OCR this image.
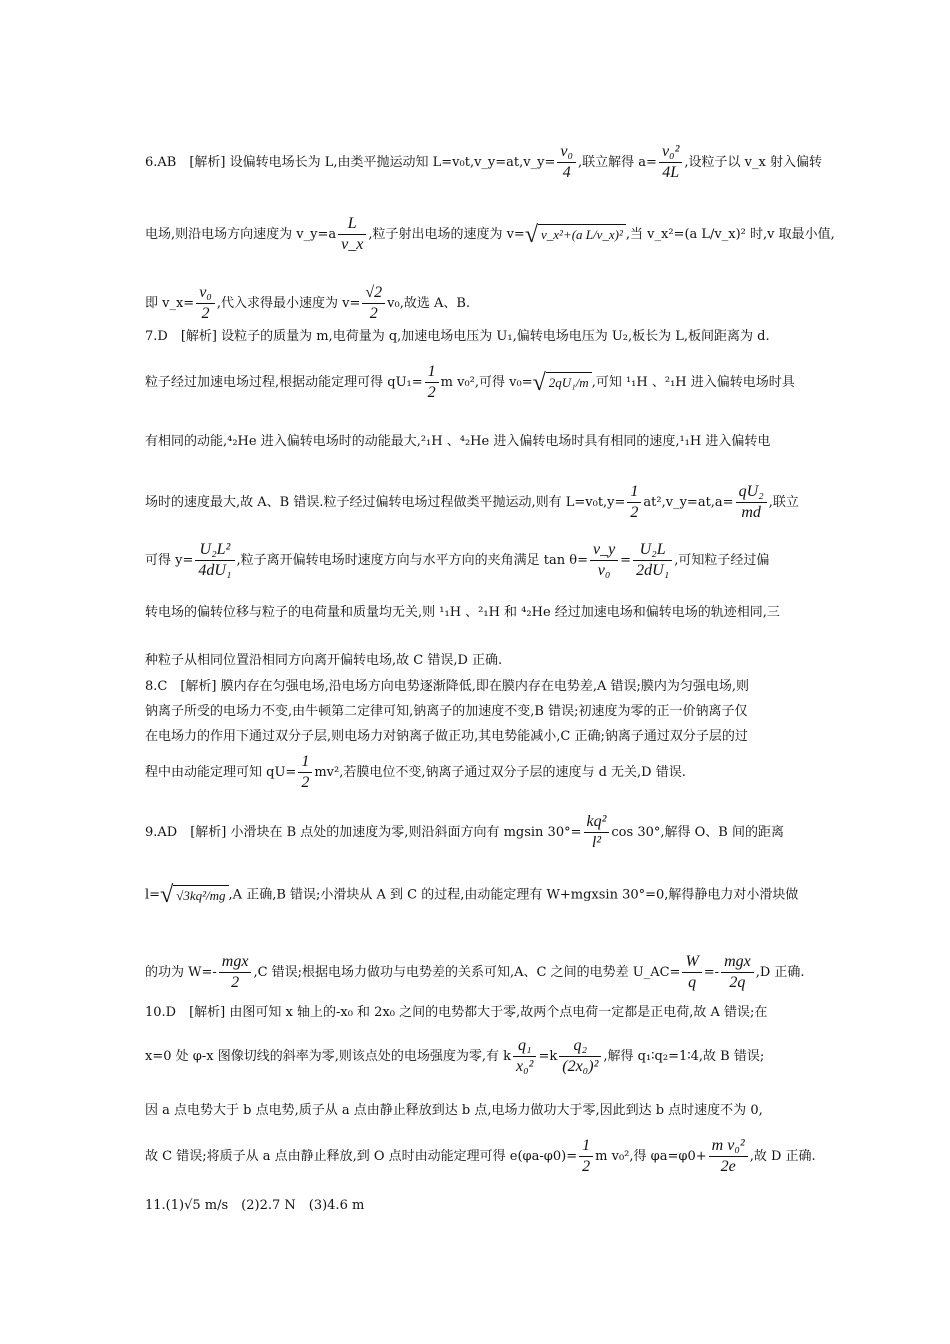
6.AB　[解析] 设偏转电场长为 L,由类平抛运动知 L=v₀t,v_y=at,v_y= $\frac{\text{v₀}}{4}$ ,联立解得 $a= \frac{\text{v₀²}}{4L}$ ,设粒子以 v_x 射入偏转
电场,则沿电场方向速度为 v_y=a $\frac{L}{v\_x}$ ,粒子射出电场的速度为 v=√ v_x²+(a L/v_x)² ,当 v_x²=(a L/v_x)² 时,v 取最小值,
即 v_x= $\frac{\text{v₀}}{2}$ ,代入求得最小速度为 $v= \frac{√2}{2} v_0$,故选 A、B.
7.D　[解析] 设粒子的质量为 m,电荷量为 q,加速电场电压为 U₁,偏转电场电压为 U₂,板长为 L,板间距离为 d.
粒子经过加速电场过程,根据动能定理可得 $qU_1= \frac{1}{2}$ m v₀²,可得 v₀=√ 2qU₁/m ,可知 ¹₁H 、²₁H 进入偏转电场时具
有相同的动能,⁴₂He 进入偏转电场时的动能最大,²₁H 、⁴₂He 进入偏转电场时具有相同的速度,¹₁H 进入偏转电
场时的速度最大,故 A、B 错误.粒子经过偏转电场过程做类平抛运动,则有 $L=v_0t,y= \frac{1}{2}$ at²,v_y=at,a= $\frac{\text{qU₂}}{md}$ ,联立
可得 $y= \frac{\text{U₂L²}}{\text{4dU₁}}$ ,粒子离开偏转电场时速度方向与水平方向的夹角满足 $\tan \theta= \frac{v\_y}{\text{v₀}} = \frac{\text{U₂L}}{\text{2dU₁}}$ ,可知粒子经过偏
转电场的偏转位移与粒子的电荷量和质量均无关,则 ¹₁H 、²₁H 和 ⁴₂He 经过加速电场和偏转电场的轨迹相同,三
种粒子从相同位置沿相同方向离开偏转电场,故 C 错误,D 正确.
8.C　[解析] 膜内存在匀强电场,沿电场方向电势逐渐降低,即在膜内存在电势差,A 错误;膜内为匀强电场,则
钠离子所受的电场力不变,由牛顿第二定律可知,钠离子的加速度不变,B 错误;初速度为零的正一价钠离子仅
在电场力的作用下通过双分子层,则电场力对钠离子做正功,其电势能减小,C 正确;钠离子通过双分子层的过
程中由动能定理可知 $qU= \frac{1}{2} mv^2$,若膜电位不变,钠离子通过双分子层的速度与 d 无关,D 错误.
9.AD　[解析] 小滑块在 B 点处的加速度为零,则沿斜面方向有 mgsin $30^\circ= \frac{\text{kq²}}{\text{l²}}$ cos 30°,解得 O、B 间的距离
l=√ √3kq²/mg ,A 正确,B 错误;小滑块从 A 到 C 的过程,由动能定理有 W+mgxsin 30°=0,解得静电力对小滑块做
的功为 $W=- \frac{\text{mgx}}{2} ,C$ 错误;根据电场力做功与电势差的关系可知,A、C 之间的电势差 U_AC= $\frac{W}{q} =- \frac{\text{mgx}}{2q} ,D$ 正确.
10.D　[解析] 由图可知 x 轴上的-x₀ 和 2x₀ 之间的电势都大于零,故两个点电荷一定都是正电荷,故 A 错误;在
x=0 处 φ-x 图像切线的斜率为零,则该点处的电场强度为零,有 k $\frac{\text{q₁}}{\text{x₀²}} =k \frac{\text{q₂}}{\text{(2x₀)²}}$ ,解得 q₁∶q₂=1∶4,故 B 错误;
因 a 点电势大于 b 点电势,质子从 a 点由静止释放到达 b 点,电场力做功大于零,因此到达 b 点时速度不为 0,
故 C 错误;将质子从 a 点由静止释放,到 O 点时由动能定理可得 $e(\varphi a-\varphi 0)= \frac{1}{2}$ m v₀²,得 $\varphi a=\varphi 0+ \frac{\text{m v₀²}}{2e}$ ,故 D 正确.
11.(1)√5 m/s　(2)2.7 N　(3)4.6 m
